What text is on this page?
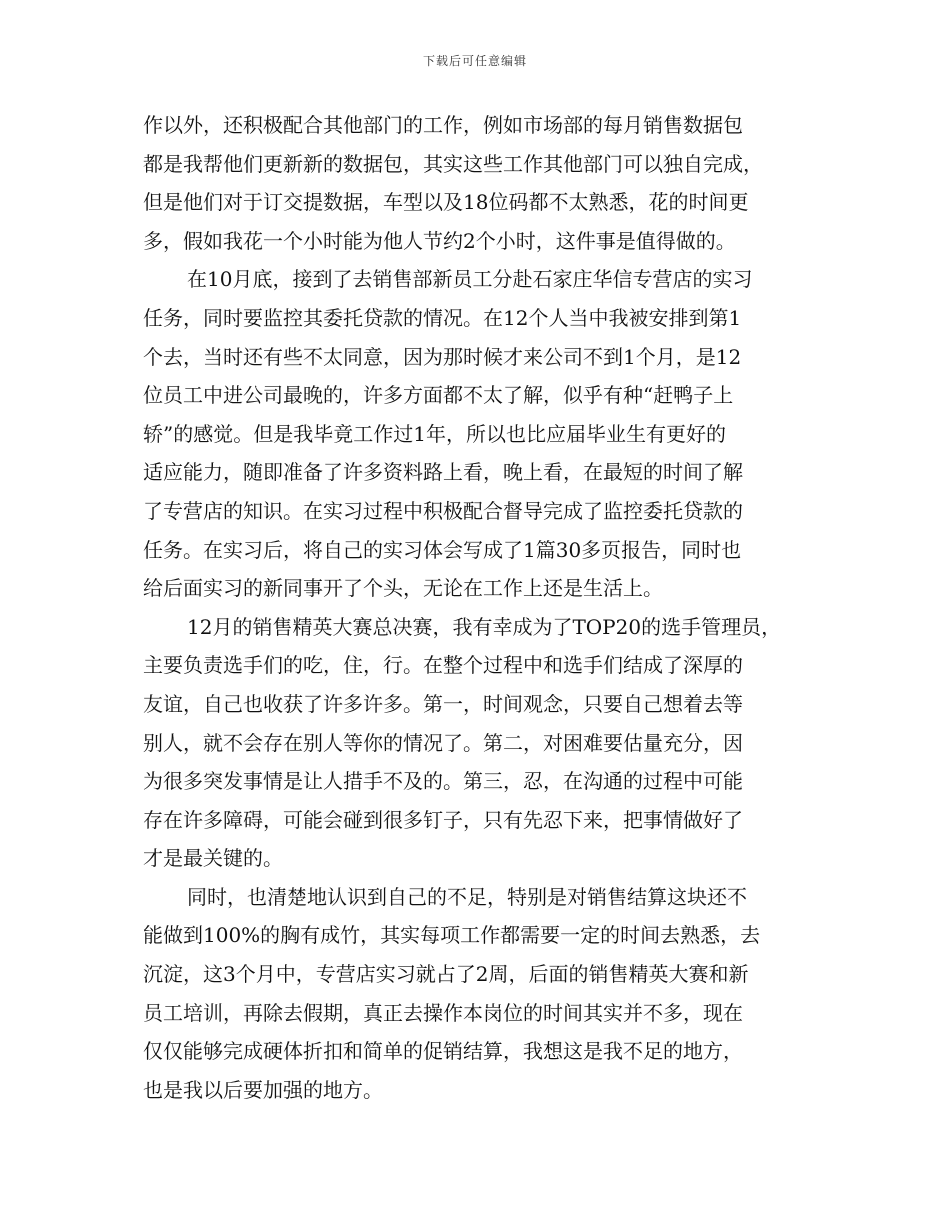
下载后可任意编辑
作以外，还积极配合其他部门的工作，例如市场部的每月销售数据包
都是我帮他们更新新的数据包，其实这些工作其他部门可以独自完成，
但是他们对于订交提数据，车型以及18位码都不太熟悉，花的时间更
多，假如我花一个小时能为他人节约2个小时，这件事是值得做的。
在10月底，接到了去销售部新员工分赴石家庄华信专营店的实习
任务，同时要监控其委托贷款的情况。在12个人当中我被安排到第1
个去，当时还有些不太同意，因为那时候才来公司不到1个月，是12
位员工中进公司最晚的，许多方面都不太了解，似乎有种“赶鸭子上
轿”的感觉。但是我毕竟工作过1年，所以也比应届毕业生有更好的
适应能力，随即准备了许多资料路上看，晚上看，在最短的时间了解
了专营店的知识。在实习过程中积极配合督导完成了监控委托贷款的
任务。在实习后，将自己的实习体会写成了1篇30多页报告，同时也
给后面实习的新同事开了个头，无论在工作上还是生活上。
12月的销售精英大赛总决赛，我有幸成为了TOP20的选手管理员，
主要负责选手们的吃，住，行。在整个过程中和选手们结成了深厚的
友谊，自己也收获了许多许多。第一，时间观念，只要自己想着去等
别人，就不会存在别人等你的情况了。第二，对困难要估量充分，因
为很多突发事情是让人措手不及的。第三，忍，在沟通的过程中可能
存在许多障碍，可能会碰到很多钉子，只有先忍下来，把事情做好了
才是最关键的。
同时，也清楚地认识到自己的不足，特别是对销售结算这块还不
能做到100%的胸有成竹，其实每项工作都需要一定的时间去熟悉，去
沉淀，这3个月中，专营店实习就占了2周，后面的销售精英大赛和新
员工培训，再除去假期，真正去操作本岗位的时间其实并不多，现在
仅仅能够完成硬体折扣和简单的促销结算，我想这是我不足的地方，
也是我以后要加强的地方。
